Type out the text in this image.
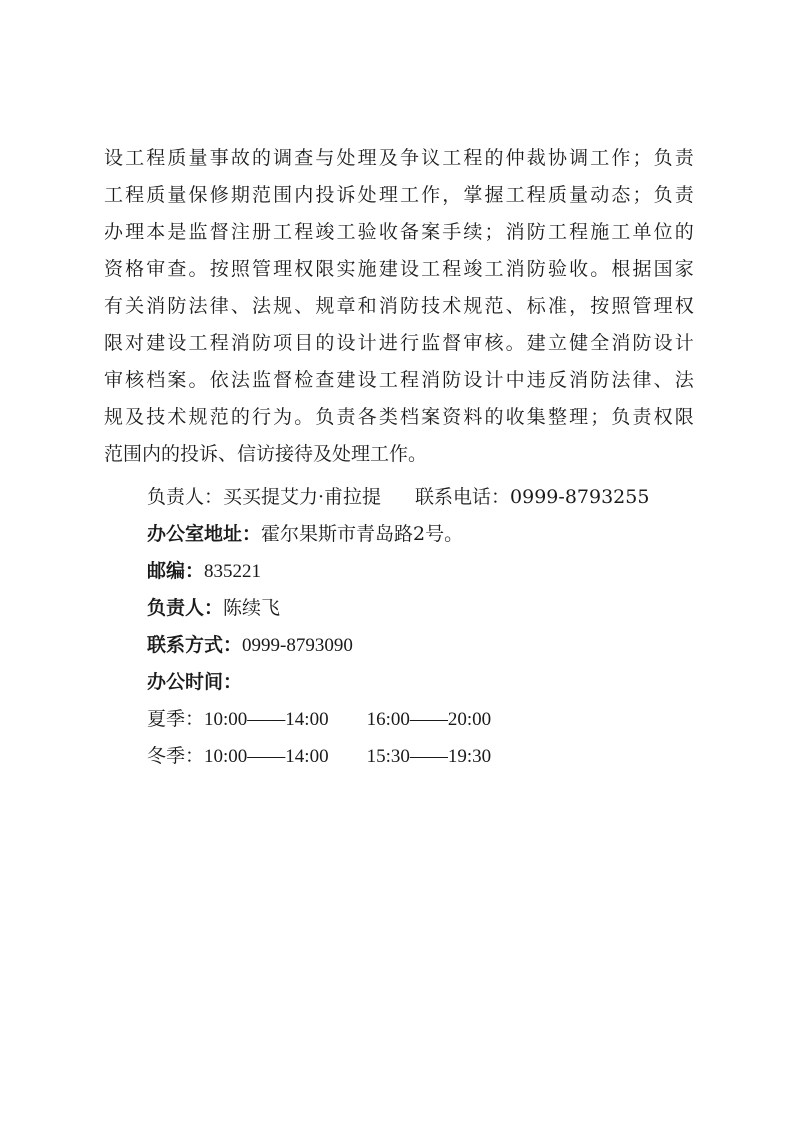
设工程质量事故的调查与处理及争议工程的仲裁协调工作；负责
工程质量保修期范围内投诉处理工作，掌握工程质量动态；负责
办理本是监督注册工程竣工验收备案手续；消防工程施工单位的
资格审查。按照管理权限实施建设工程竣工消防验收。根据国家
有关消防法律、法规、规章和消防技术规范、标准，按照管理权
限对建设工程消防项目的设计进行监督审核。建立健全消防设计
审核档案。依法监督检查建设工程消防设计中违反消防法律、法
规及技术规范的行为。负责各类档案资料的收集整理；负责权限
范围内的投诉、信访接待及处理工作。
负责人：买买提艾力·甫拉提 联系电话：0999-8793255
办公室地址：霍尔果斯市青岛路2号。
邮编：835221
负责人：陈续飞
联系方式：0999-8793090
办公时间：
夏季：10:00——14:00 16:00——20:00
冬季：10:00——14:00 15:30——19:30
